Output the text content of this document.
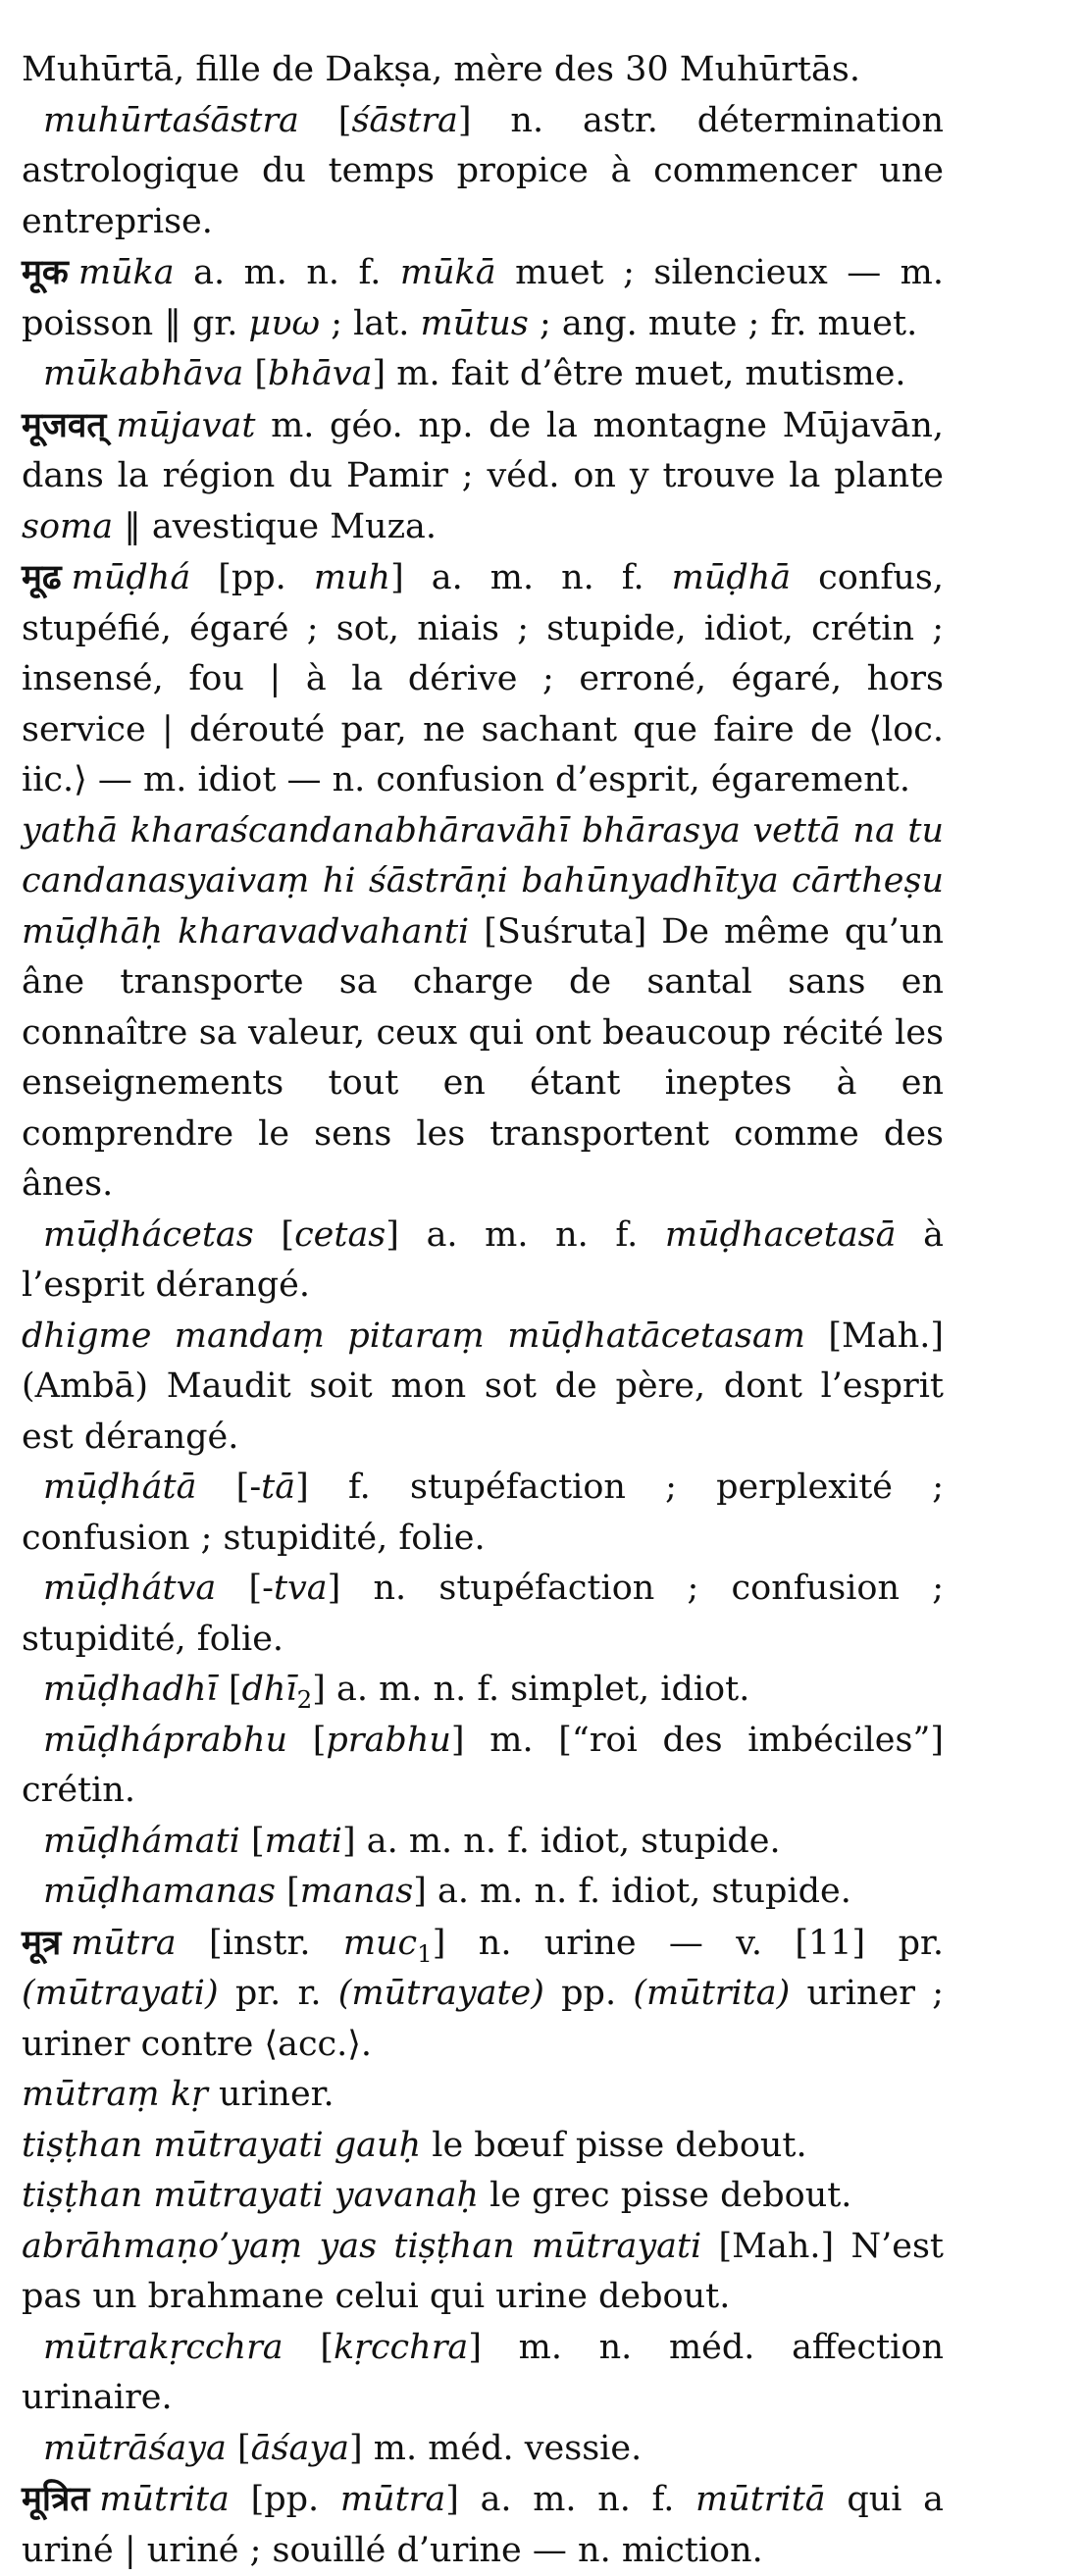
Muhūrtā, fille de Dakṣa, mère des 30 Muhūrtās.

muhūrtaśāstra [śāstra] n. astr. détermination astrologique du temps propice à commencer une entreprise.

मूक mūka a. m. n. f. mūkā muet ; silencieux — m. poisson ‖ gr. μυω ; lat. mūtus ; ang. mute ; fr. muet.

mūkabhāva [bhāva] m. fait d’être muet, mutisme.

मूजवत् mūjavat m. géo. np. de la montagne Mūjavān, dans la région du Pamir ; véd. on y trouve la plante soma ‖ avestique Muza.

मूढ mūḍhá [pp. muh] a. m. n. f. mūḍhā confus, stupéfié, égaré ; sot, niais ; stupide, idiot, crétin ; insensé, fou | à la dérive ; erroné, égaré, hors service | dérouté par, ne sachant que faire de ⟨loc. iic.⟩ — m. idiot — n. confusion d’esprit, égarement.

yathā kharaścandanabhāravāhī bhārasya vettā na tu candanasyaivaṃ hi śāstrāṇi bahūnyadhītya cārtheṣu mūḍhāḥ kharavadvahanti [Suśruta] De même qu’un âne transporte sa charge de santal sans en connaître sa valeur, ceux qui ont beaucoup récité les enseignements tout en étant ineptes à en comprendre le sens les transportent comme des ânes.

mūḍhácetas [cetas] a. m. n. f. mūḍhacetasā à l’esprit dérangé.

dhigme mandaṃ pitaraṃ mūḍhatācetasam [Mah.] (Ambā) Maudit soit mon sot de père, dont l’esprit est dérangé.

mūḍhátā [-tā] f. stupéfaction ; perplexité ; confusion ; stupidité, folie.

mūḍhátva [-tva] n. stupéfaction ; confusion ; stupidité, folie.

mūḍhadhī [dhī$_2$] a. m. n. f. simplet, idiot.

mūḍháprabhu [prabhu] m. [“roi des imbéciles”] crétin.

mūḍhámati [mati] a. m. n. f. idiot, stupide.

mūḍhamanas [manas] a. m. n. f. idiot, stupide.

मूत्र mūtra [instr. muc$_1$] n. urine — v. [11] pr. (mūtrayati) pr. r. (mūtrayate) pp. (mūtrita) uriner ; uriner contre ⟨acc.⟩.

mūtraṃ kṛ uriner.

tiṣṭhan mūtrayati gauḥ le bœuf pisse debout.

tiṣṭhan mūtrayati yavanaḥ le grec pisse debout.

abrāhmaṇo’yaṃ yas tiṣṭhan mūtrayati [Mah.] N’est pas un brahmane celui qui urine debout.

mūtrakṛcchra [kṛcchra] m. n. méd. affection urinaire.

mūtrāśaya [āśaya] m. méd. vessie.

मूत्रित mūtrita [pp. mūtra] a. m. n. f. mūtritā qui a uriné | uriné ; souillé d’urine — n. miction.
